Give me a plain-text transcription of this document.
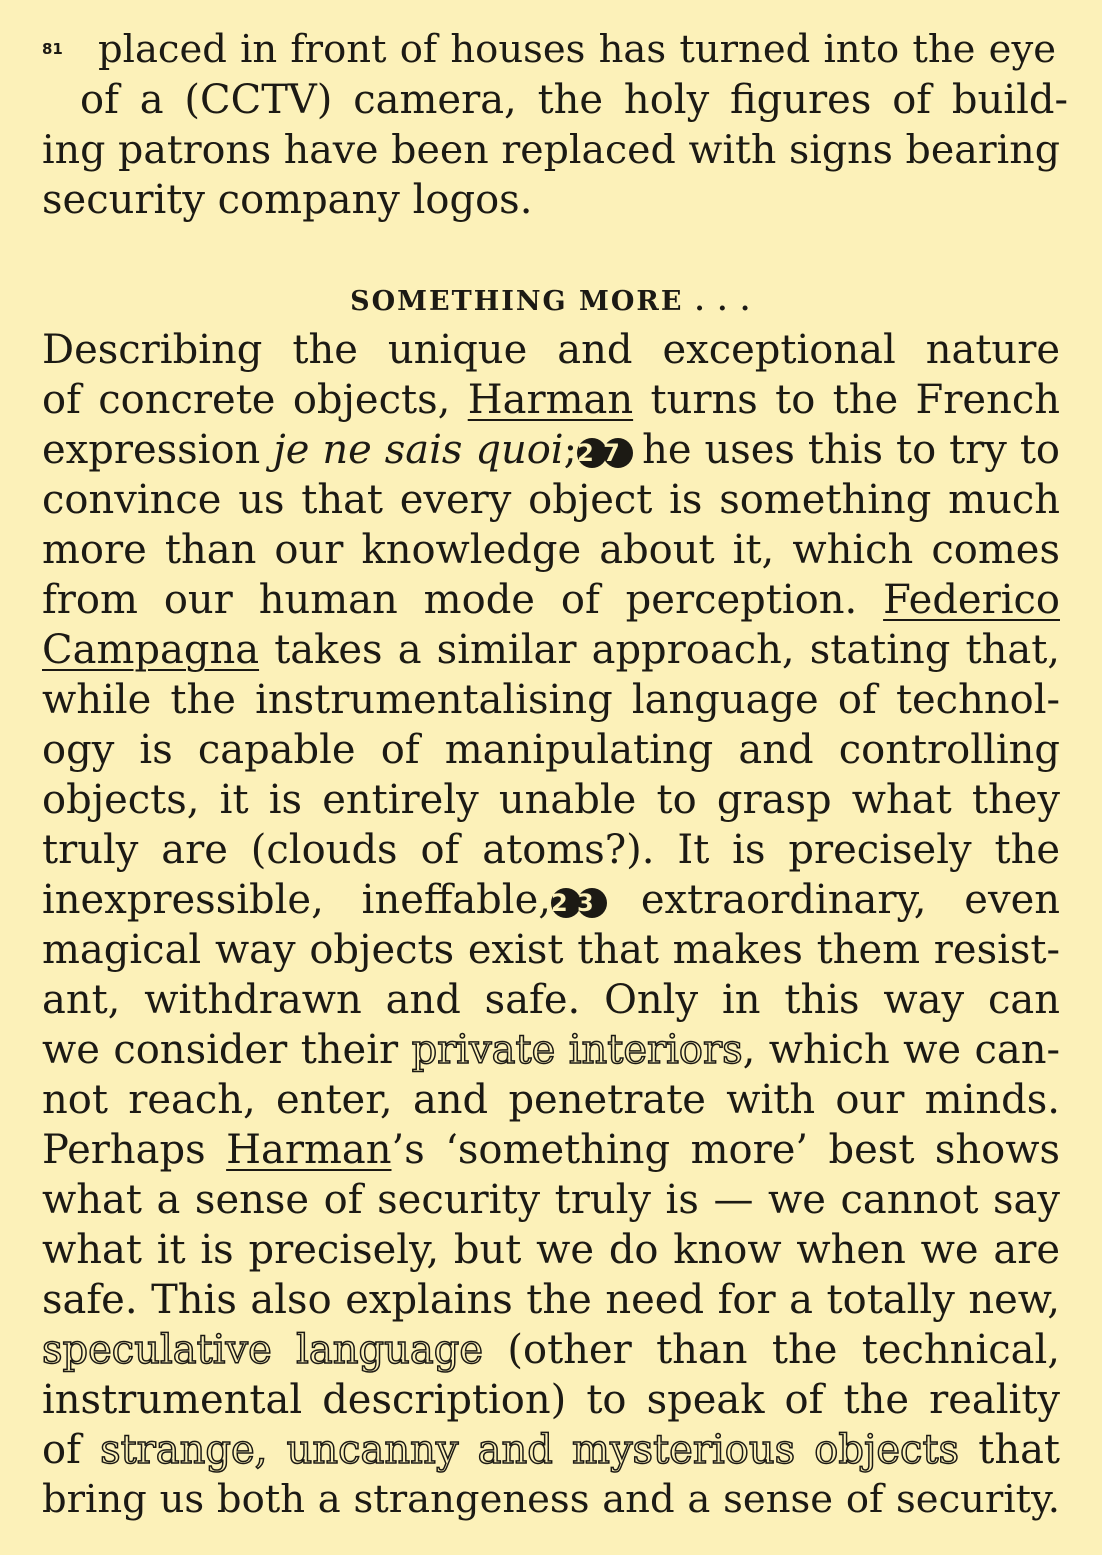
81 placed in front of houses has turned into the eye
of a (CCTV) camera, the holy figures of build-
ing patrons have been replaced with signs bearing
security company logos.
SOMETHING MORE . . .
Describing the unique and exceptional nature
of concrete objects, Harman turns to the French
expression je ne sais quoi;2 7 he uses this to try to
convince us that every object is something much
more than our knowledge about it, which comes
from our human mode of perception. Federico
Campagna takes a similar approach, stating that,
while the instrumentalising language of technol-
ogy is capable of manipulating and controlling
objects, it is entirely unable to grasp what they
truly are (clouds of atoms?). It is precisely the
inexpressible, ineffable,2 3 extraordinary, even
magical way objects exist that makes them resist-
ant, withdrawn and safe. Only in this way can
we consider their private interiors, which we can-
not reach, enter, and penetrate with our minds.
Perhaps Harman’s ‘something more’ best shows
what a sense of security truly is — we cannot say
what it is precisely, but we do know when we are
safe. This also explains the need for a totally new,
speculative language (other than the technical,
instrumental description) to speak of the reality
of strange, uncanny and mysterious objects that
bring us both a strangeness and a sense of security.
